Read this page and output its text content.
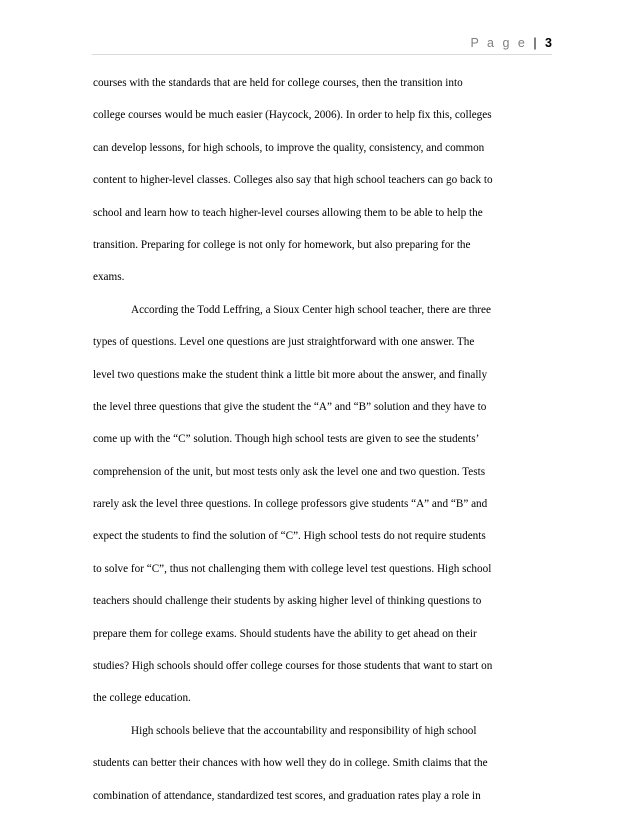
P a g e | 3
courses with the standards that are held for college courses, then the transition into
college courses would be much easier (Haycock, 2006). In order to help fix this, colleges
can develop lessons, for high schools, to improve the quality, consistency, and common
content to higher-level classes. Colleges also say that high school teachers can go back to
school and learn how to teach higher-level courses allowing them to be able to help the
transition. Preparing for college is not only for homework, but also preparing for the
exams.
According the Todd Leffring, a Sioux Center high school teacher, there are three
types of questions. Level one questions are just straightforward with one answer. The
level two questions make the student think a little bit more about the answer, and finally
the level three questions that give the student the “A” and “B” solution and they have to
come up with the “C” solution. Though high school tests are given to see the students’
comprehension of the unit, but most tests only ask the level one and two question. Tests
rarely ask the level three questions. In college professors give students “A” and “B” and
expect the students to find the solution of “C”. High school tests do not require students
to solve for “C”, thus not challenging them with college level test questions. High school
teachers should challenge their students by asking higher level of thinking questions to
prepare them for college exams. Should students have the ability to get ahead on their
studies? High schools should offer college courses for those students that want to start on
the college education.
High schools believe that the accountability and responsibility of high school
students can better their chances with how well they do in college. Smith claims that the
combination of attendance, standardized test scores, and graduation rates play a role in
